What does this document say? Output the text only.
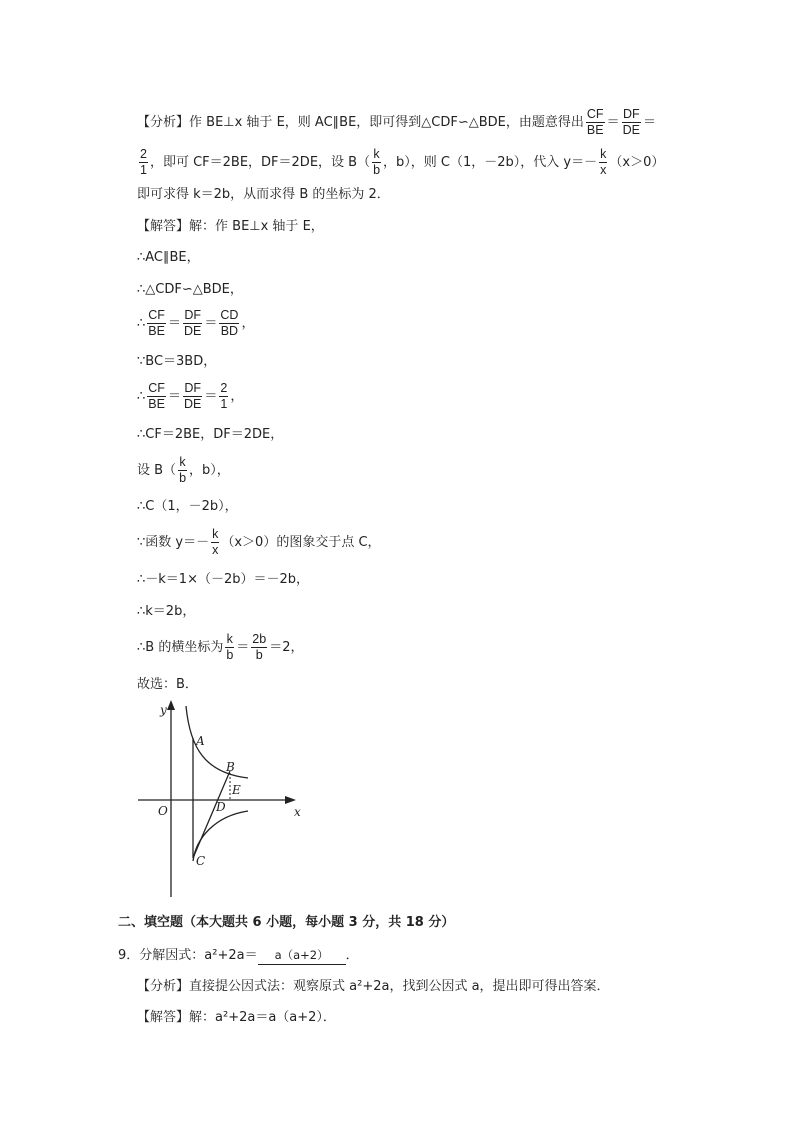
【分析】作 BE⊥x 轴于 E，则 AC∥BE，即可得到△CDF∽△BDE，由题意得出 $\frac{CF}{BE} = \frac{DF}{DE}$ ＝
$\frac{2}{1}$ ，即可 CF＝2BE，DF＝2DE，设 $B( \frac{k}{b}$ ，b），则 C（1，－2b），代入 $y=- \frac{k}{x} (x>0)$
即可求得 k＝2b，从而求得 B 的坐标为 2．
【解答】解：作 BE⊥x 轴于 E，
∴AC∥BE，
∴△CDF∽△BDE，
∴ $\frac{CF}{BE} = \frac{DF}{DE} = \frac{CD}{BD}$ ，
∵BC＝3BD，
∴ $\frac{CF}{BE} = \frac{DF}{DE} = \frac{2}{1}$ ，
∴CF＝2BE，DF＝2DE，
设 $B( \frac{k}{b}$ ，b），
∴C（1，－2b），
∵函数 $y=- \frac{k}{x} (x>0)$的图象交于点 C，
∴－k＝1×（－2b）＝－2b，
∴k＝2b，
∴B 的横坐标为 $\frac{k}{b} = \frac{2b}{b} =2$，
故选：B．
y
x
O
A
B
E
D
C
二、填空题（本大题共 6 小题，每小题 3 分，共 18 分）
9．分解因式：a²+2a＝ a（a+2） ．
【分析】直接提公因式法：观察原式 a²+2a，找到公因式 a，提出即可得出答案．
【解答】解：a²+2a＝a（a+2）．
